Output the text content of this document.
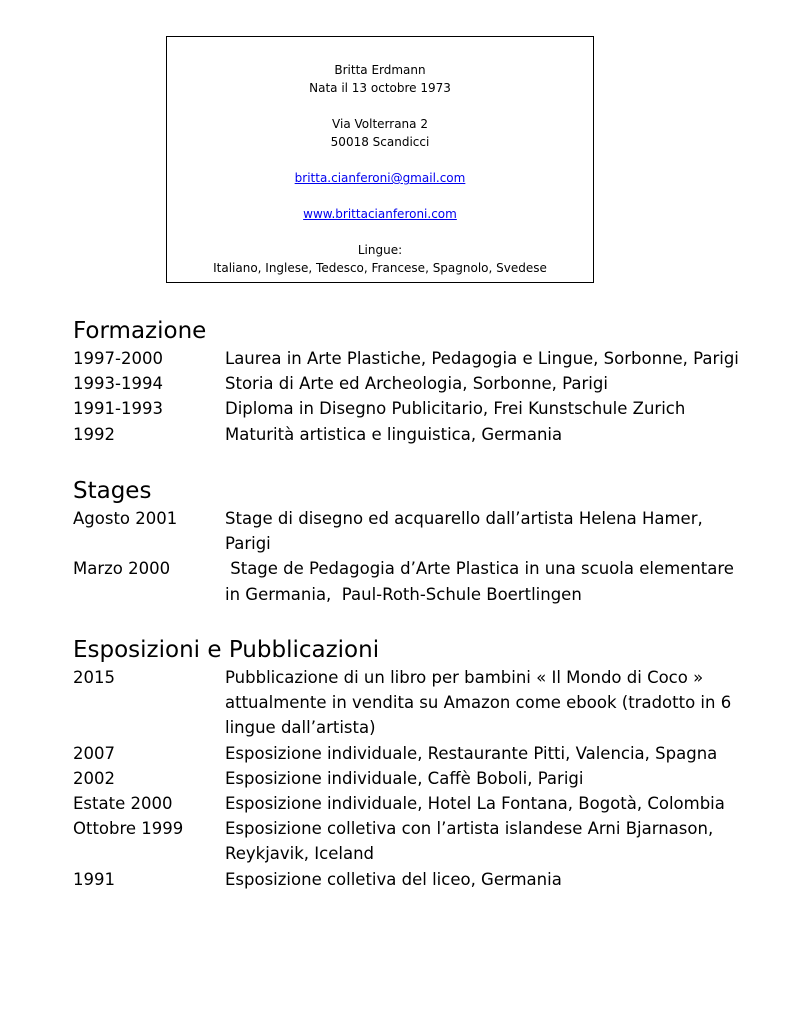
Britta Erdmann
Nata il 13 octobre 1973
Via Volterrana 2
50018 Scandicci
britta.cianferoni@gmail.com
www.brittacianferoni.com
Lingue:
Italiano, Inglese, Tedesco, Francese, Spagnolo, Svedese
Formazione
1997-2000	Laurea in Arte Plastiche, Pedagogia e Lingue, Sorbonne, Parigi
1993-1994	Storia di Arte ed Archeologia, Sorbonne, Parigi
1991-1993	Diploma in Disegno Publicitario, Frei Kunstschule Zurich
1992	Maturità artistica e linguistica, Germania
Stages
Agosto 2001	Stage di disegno ed acquarello dall’artista Helena Hamer, Parigi
Marzo 2000	Stage de Pedagogia d’Arte Plastica in una scuola elementare in Germania,  Paul-Roth-Schule Boertlingen
Esposizioni e Pubblicazioni
2015	Pubblicazione di un libro per bambini « Il Mondo di Coco » attualmente in vendita su Amazon come ebook (tradotto in 6 lingue dall’artista)
2007	Esposizione individuale, Restaurante Pitti, Valencia, Spagna
2002	Esposizione individuale, Caffè Boboli, Parigi
Estate 2000	Esposizione individuale, Hotel La Fontana, Bogotà, Colombia
Ottobre 1999	Esposizione colletiva con l’artista islandese Arni Bjarnason, Reykjavik, Iceland
1991	Esposizione colletiva del liceo, Germania
